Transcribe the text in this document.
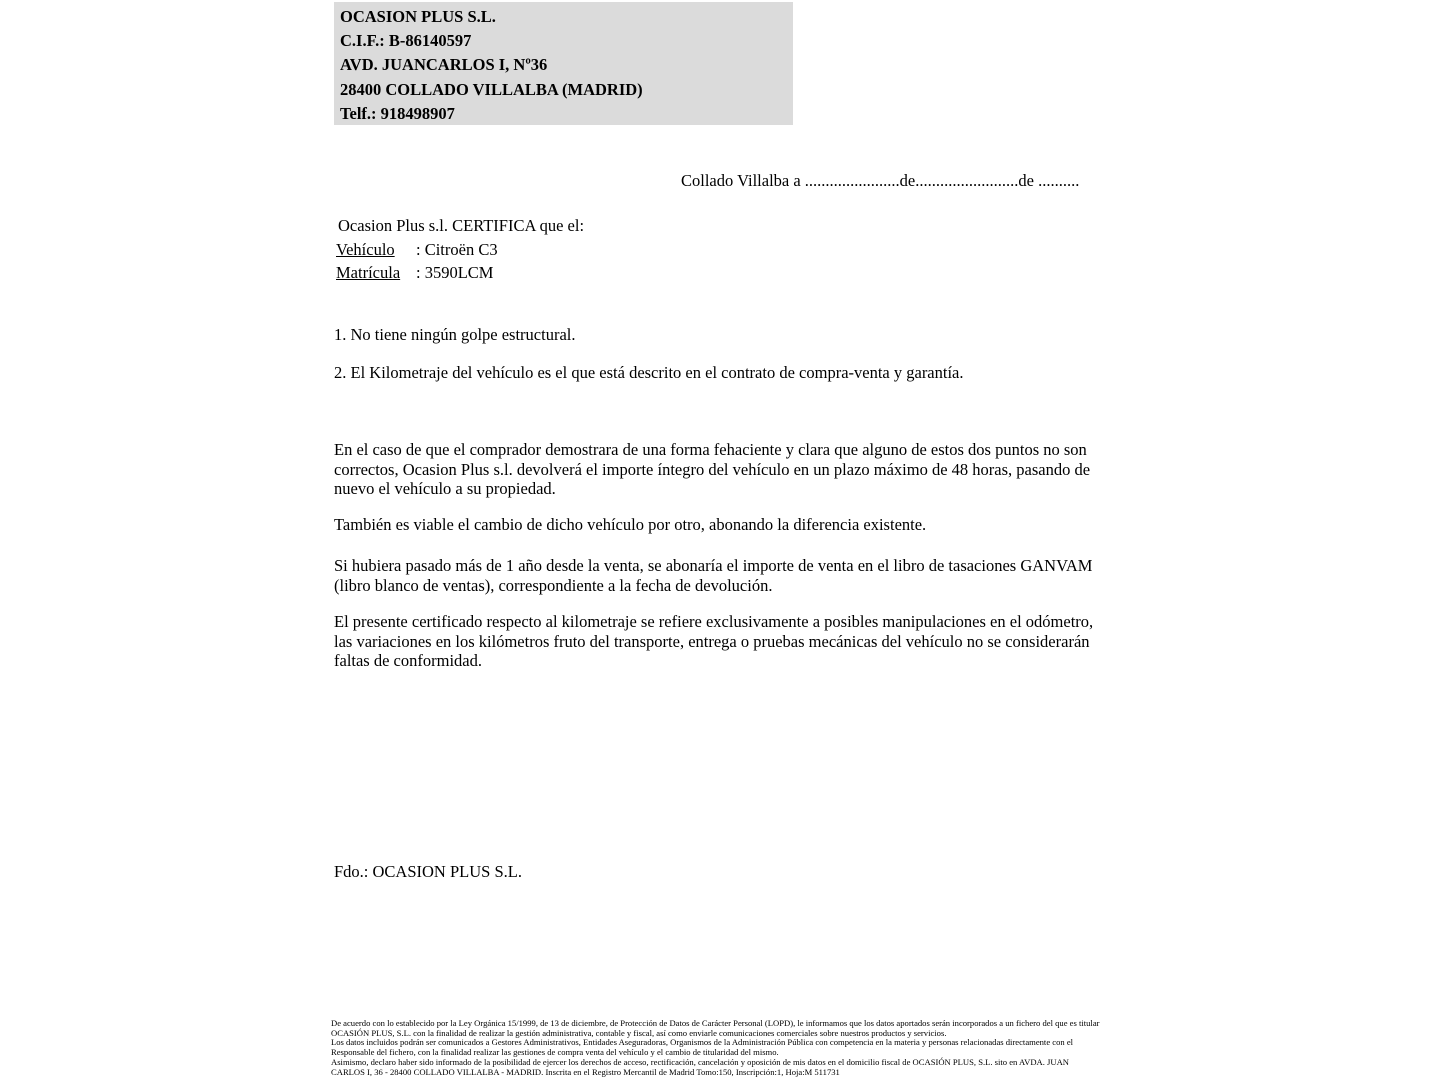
OCASION PLUS S.L.
C.I.F.: B-86140597
AVD. JUANCARLOS I, Nº36
28400 COLLADO VILLALBA (MADRID)
Telf.: 918498907
Collado Villalba a .......................de.........................de ..........
Ocasion Plus s.l. CERTIFICA que el:
Vehículo : Citroën C3
Matrícula : 3590LCM
1. No tiene ningún golpe estructural.
2. El Kilometraje del vehículo es el que está descrito en el contrato de compra-venta y garantía.
En el caso de que el comprador demostrara de una forma fehaciente y clara que alguno de estos dos puntos no son correctos, Ocasion Plus s.l. devolverá el importe íntegro del vehículo en un plazo máximo de 48 horas, pasando de nuevo el vehículo a su propiedad.
También es viable el cambio de dicho vehículo por otro, abonando la diferencia existente.
Si hubiera pasado más de 1 año desde la venta, se abonaría el importe de venta en el libro de tasaciones GANVAM (libro blanco de ventas), correspondiente a la fecha de devolución.
El presente certificado respecto al kilometraje se refiere exclusivamente a posibles manipulaciones en el odómetro, las variaciones en los kilómetros fruto del transporte, entrega o pruebas mecánicas del vehículo no se considerarán faltas de conformidad.
Fdo.: OCASION PLUS S.L.
De acuerdo con lo establecido por la Ley Orgánica 15/1999, de 13 de diciembre, de Protección de Datos de Carácter Personal (LOPD), le informamos que los datos aportados serán incorporados a un fichero del que es titular
OCASIÓN PLUS, S.L. con la finalidad de realizar la gestión administrativa, contable y fiscal, así como enviarle comunicaciones comerciales sobre nuestros productos y servicios.
Los datos incluidos podrán ser comunicados a Gestores Administrativos, Entidades Aseguradoras, Organismos de la Administración Pública con competencia en la materia y personas relacionadas directamente con el
Responsable del fichero, con la finalidad realizar las gestiones de compra venta del vehículo y el cambio de titularidad del mismo.
Asimismo, declaro haber sido informado de la posibilidad de ejercer los derechos de acceso, rectificación, cancelación y oposición de mis datos en el domicilio fiscal de OCASIÓN PLUS, S.L. sito en AVDA. JUAN
CARLOS I, 36 - 28400 COLLADO VILLALBA - MADRID. Inscrita en el Registro Mercantil de Madrid Tomo:150, Inscripción:1, Hoja:M 511731
